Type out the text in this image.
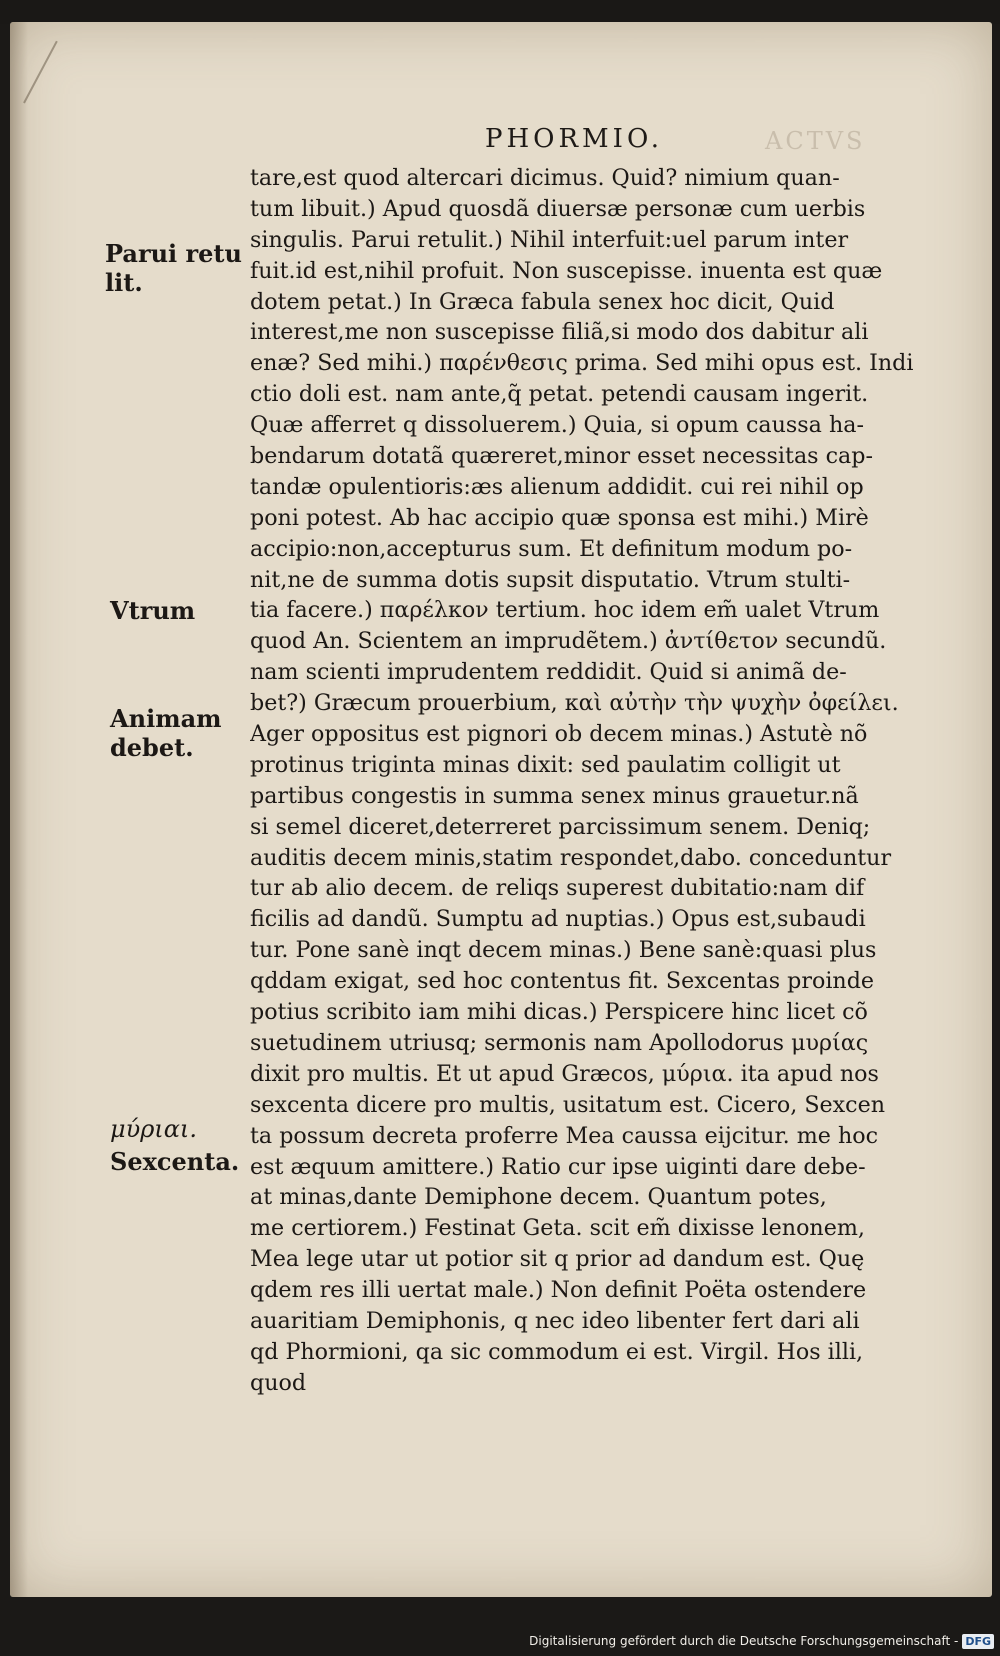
ACTVS
PHORMIO.
Parui retu lit.
Vtrum
Animam debet.
μύριαι.
Sexcenta.
tare,est quod altercari dicimus. Quid? nimium quan-
tum libuit.) Apud quosdã diuersæ personæ cum uerbis
singulis. Parui retulit.) Nihil interfuit:uel parum inter
fuit.id est,nihil profuit. Non suscepisse. inuenta est quæ
dotem petat.) In Græca fabula senex hoc dicit, Quid
interest,me non suscepisse filiã,si modo dos dabitur ali
enæ? Sed mihi.) παρένθεσις prima. Sed mihi opus est. Indi
ctio doli est. nam ante,q̃ petat. petendi causam ingerit.
Quæ afferret q dissoluerem.) Quia, si opum caussa ha-
bendarum dotatã quæreret,minor esset necessitas cap-
tandæ opulentioris:æs alienum addidit. cui rei nihil op
poni potest. Ab hac accipio quæ sponsa est mihi.) Mirè
accipio:non,accepturus sum. Et definitum modum po-
nit,ne de summa dotis supsit disputatio. Vtrum stulti-
tia facere.) παρέλκον tertium. hoc idem em̃ ualet Vtrum
quod An. Scientem an imprudẽtem.) ἀντίθετον secundũ.
nam scienti imprudentem reddidit. Quid si animã de-
bet?) Græcum prouerbium, καὶ αὐτὴν τὴν ψυχὴν ὀφείλει.
Ager oppositus est pignori ob decem minas.) Astutè nõ
protinus triginta minas dixit: sed paulatim colligit ut
partibus congestis in summa senex minus grauetur.nã
si semel diceret,deterreret parcissimum senem. Deniq;
auditis decem minis,statim respondet,dabo. conceduntur
tur ab alio decem. de reliqs superest dubitatio:nam dif
ficilis ad dandũ. Sumptu ad nuptias.) Opus est,subaudi
tur. Pone sanè inqt decem minas.) Bene sanè:quasi plus
qddam exigat, sed hoc contentus fit. Sexcentas proinde
potius scribito iam mihi dicas.) Perspicere hinc licet cõ
suetudinem utriusq; sermonis nam Apollodorus μυρίας
dixit pro multis. Et ut apud Græcos, μύρια. ita apud nos
sexcenta dicere pro multis, usitatum est. Cicero, Sexcen
ta possum decreta proferre Mea caussa eijcitur. me hoc
est æquum amittere.) Ratio cur ipse uiginti dare debe-
at minas,dante Demiphone decem. Quantum potes,
me certiorem.) Festinat Geta. scit em̃ dixisse lenonem,
Mea lege utar ut potior sit q prior ad dandum est. Quę
qdem res illi uertat male.) Non definit Poëta ostendere
auaritiam Demiphonis, q nec ideo libenter fert dari ali
qd Phormioni, qa sic commodum ei est. Virgil. Hos illi,
quod
Digitalisierung gefördert durch die Deutsche Forschungsgemeinschaft - DFG
